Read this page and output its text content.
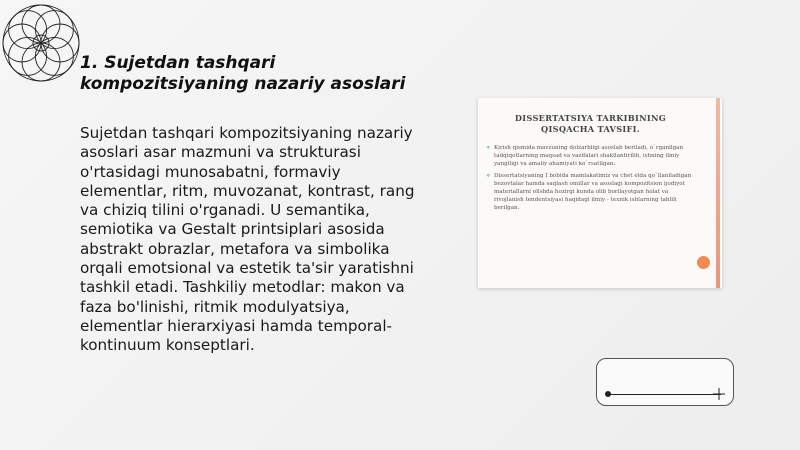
1. Sujetdan tashqari kompozitsiyaning nazariy asoslari
Sujetdan tashqari kompozitsiyaning nazariy asoslari asar mazmuni va strukturasi o'rtasidagi munosabatni, formaviy elementlar, ritm, muvozanat, kontrast, rang va chiziq tilini o'rganadi. U semantika, semiotika va Gestalt printsiplari asosida abstrakt obrazlar, metafora va simbolika orqali emotsional va estetik ta'sir yaratishni tashkil etadi. Tashkiliy metodlar: makon va faza bo'linishi, ritmik modulyatsiya, elementlar hierarxiyasi hamda temporal-kontinuum konseptlari.
DISSERTATSIYA TARKIBINING
QISQACHA TAVSIFI.
❖ Kirish qismida mavzuning dolzarbligi asoslab beriladi, o`rganilgan tadqiqotlarning maqsad va vazifalari shakllantirilib, ishning ilmiy yangiligi va amaliy ahamiyati ko`rsatilgan.
❖ Dissertatsiyaning I bobida mamlakatimiz va chet elda qo`llaniladigan bezovtalar hamda saqlash omillar va asoslagi kompozitsion ijodiyot materiallarni ollshda hozirgi kunda olib borilayotgan holat va rivojlanish tendentsiyasi haqidagi ilmiy - texnik ishlarning tahlili berilgan.
